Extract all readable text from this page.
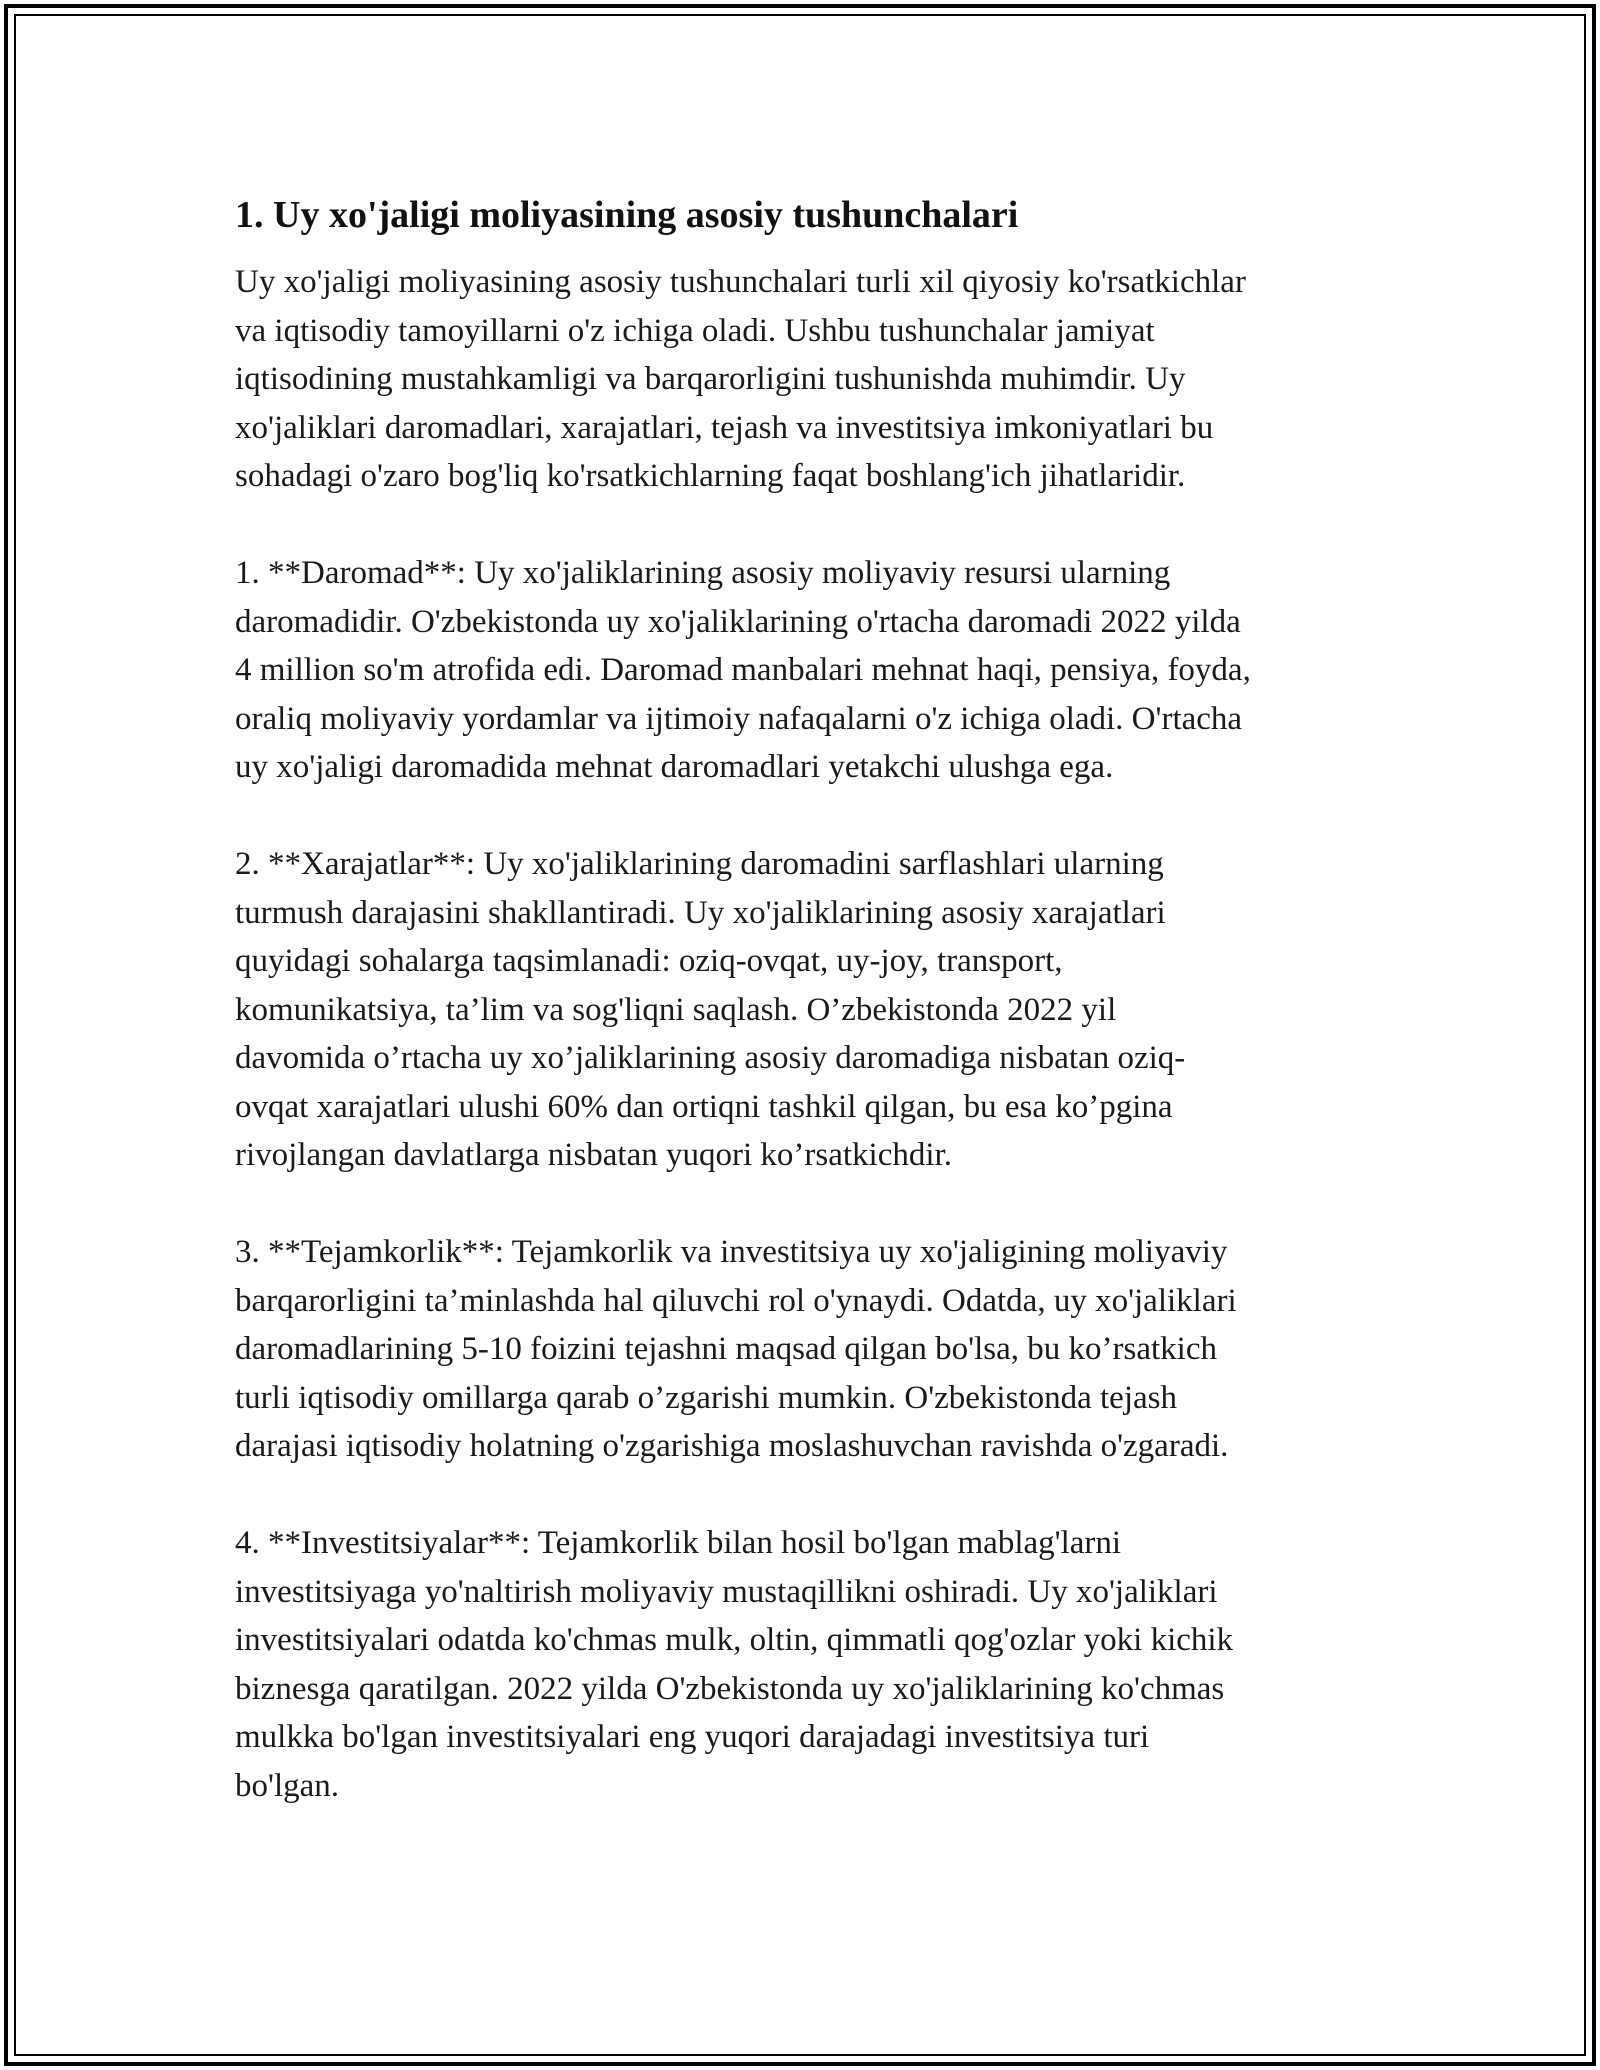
1. Uy xo'jaligi moliyasining asosiy tushunchalari

Uy xo'jaligi moliyasining asosiy tushunchalari turli xil qiyosiy ko'rsatkichlar
va iqtisodiy tamoyillarni o'z ichiga oladi. Ushbu tushunchalar jamiyat
iqtisodining mustahkamligi va barqarorligini tushunishda muhimdir. Uy
xo'jaliklari daromadlari, xarajatlari, tejash va investitsiya imkoniyatlari bu
sohadagi o'zaro bog'liq ko'rsatkichlarning faqat boshlang'ich jihatlaridir.

1. **Daromad**: Uy xo'jaliklarining asosiy moliyaviy resursi ularning
daromadidir. O'zbekistonda uy xo'jaliklarining o'rtacha daromadi 2022 yilda
4 million so'm atrofida edi. Daromad manbalari mehnat haqi, pensiya, foyda,
oraliq moliyaviy yordamlar va ijtimoiy nafaqalarni o'z ichiga oladi. O'rtacha
uy xo'jaligi daromadida mehnat daromadlari yetakchi ulushga ega.

2. **Xarajatlar**: Uy xo'jaliklarining daromadini sarflashlari ularning
turmush darajasini shakllantiradi. Uy xo'jaliklarining asosiy xarajatlari
quyidagi sohalarga taqsimlanadi: oziq-ovqat, uy-joy, transport,
komunikatsiya, ta’lim va sog'liqni saqlash. O’zbekistonda 2022 yil
davomida o’rtacha uy xo’jaliklarining asosiy daromadiga nisbatan oziq-
ovqat xarajatlari ulushi 60% dan ortiqni tashkil qilgan, bu esa ko’pgina
rivojlangan davlatlarga nisbatan yuqori ko’rsatkichdir.

3. **Tejamkorlik**: Tejamkorlik va investitsiya uy xo'jaligining moliyaviy
barqarorligini ta’minlashda hal qiluvchi rol o'ynaydi. Odatda, uy xo'jaliklari
daromadlarining 5-10 foizini tejashni maqsad qilgan bo'lsa, bu ko’rsatkich
turli iqtisodiy omillarga qarab o’zgarishi mumkin. O'zbekistonda tejash
darajasi iqtisodiy holatning o'zgarishiga moslashuvchan ravishda o'zgaradi.

4. **Investitsiyalar**: Tejamkorlik bilan hosil bo'lgan mablag'larni
investitsiyaga yo'naltirish moliyaviy mustaqillikni oshiradi. Uy xo'jaliklari
investitsiyalari odatda ko'chmas mulk, oltin, qimmatli qog'ozlar yoki kichik
biznesga qaratilgan. 2022 yilda O'zbekistonda uy xo'jaliklarining ko'chmas
mulkka bo'lgan investitsiyalari eng yuqori darajadagi investitsiya turi
bo'lgan.
